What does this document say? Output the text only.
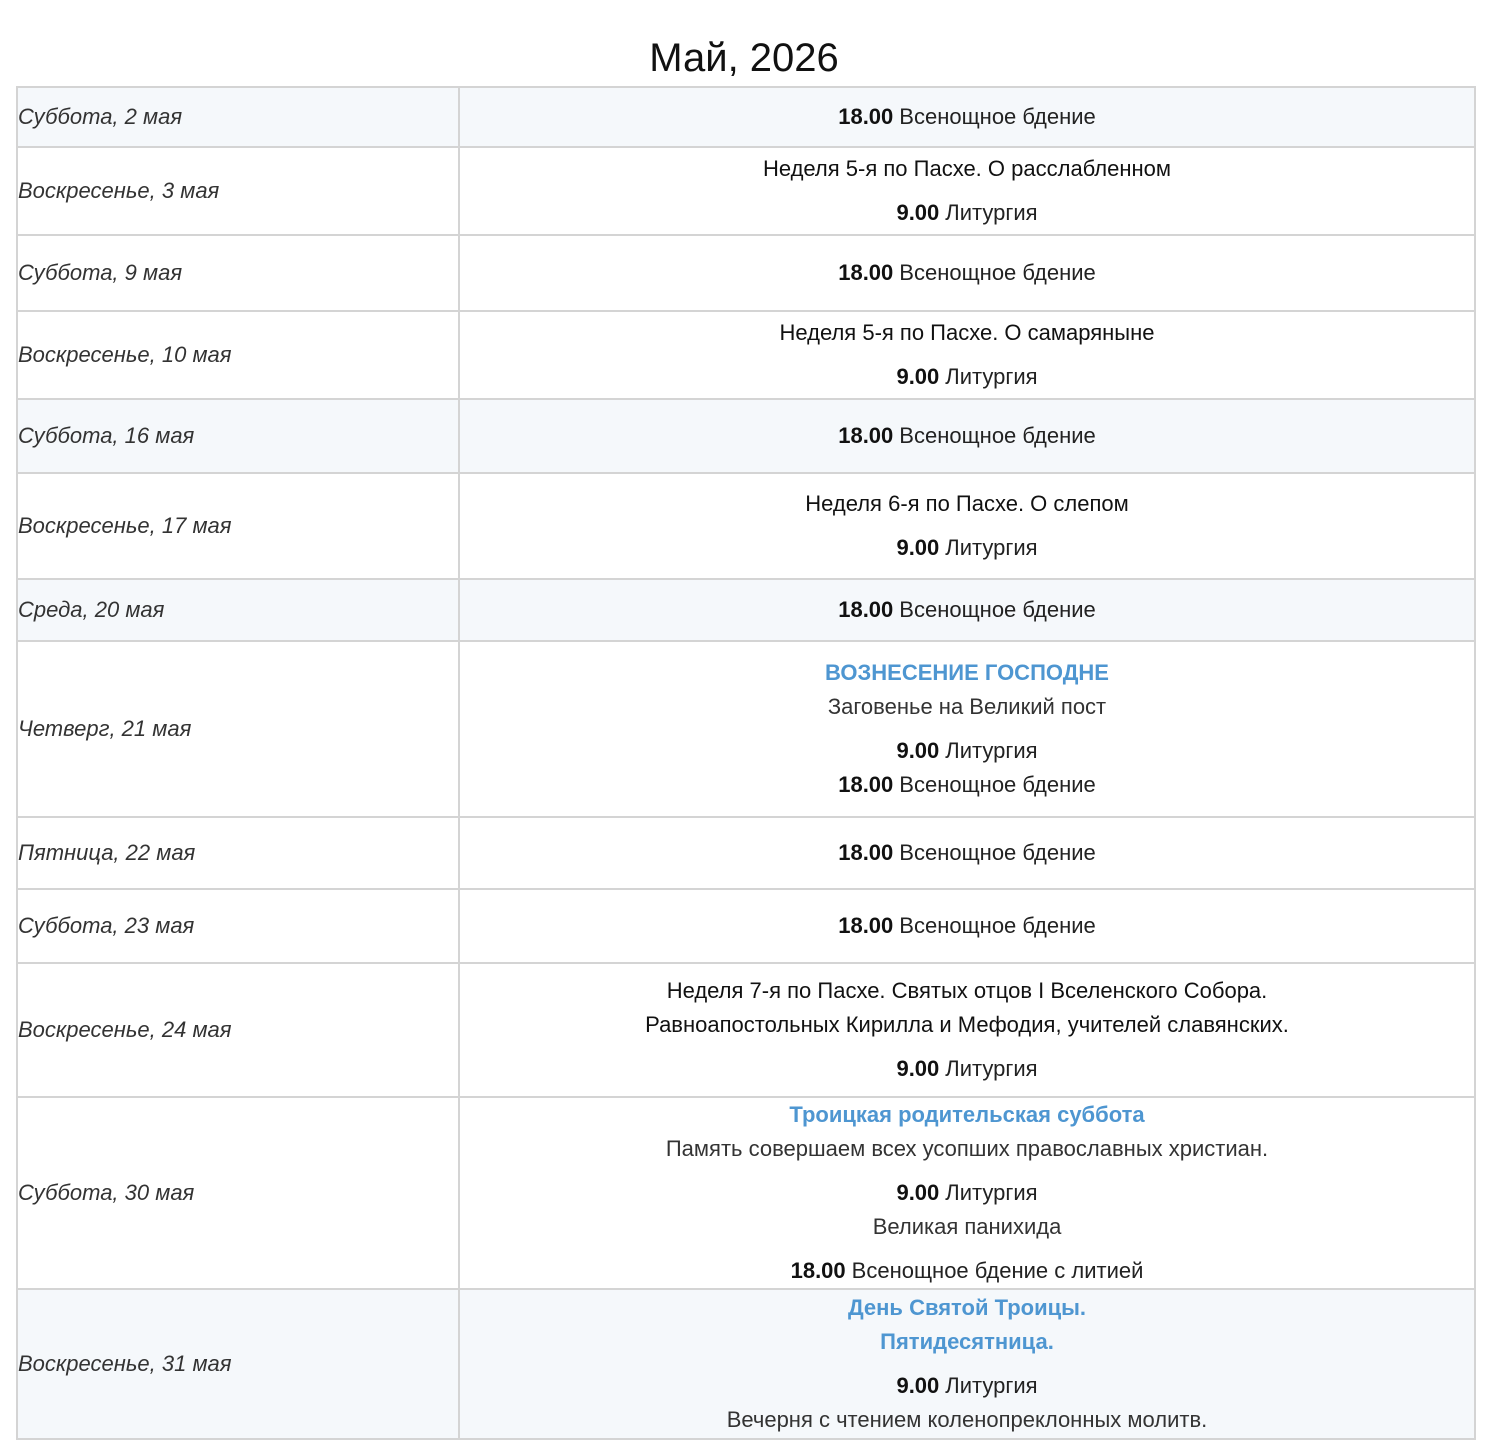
Май, 2026
Суббота, 2 мая	18.00 Всенощное бдение

Воскресенье, 3 мая	Неделя 5-я по Пасхе. О расслабленном
9.00 Литургия

Суббота, 9 мая	18.00 Всенощное бдение

Воскресенье, 10 мая	Неделя 5-я по Пасхе. О самаряныне
9.00 Литургия

Суббота, 16 мая	18.00 Всенощное бдение

Воскресенье, 17 мая	Неделя 6-я по Пасхе. О слепом
9.00 Литургия

Среда, 20 мая	18.00 Всенощное бдение

Четверг, 21 мая	ВОЗНЕСЕНИЕ ГОСПОДНЕ
Заговенье на Великий пост
9.00 Литургия
18.00 Всенощное бдение

Пятница, 22 мая	18.00 Всенощное бдение

Суббота, 23 мая	18.00 Всенощное бдение

Воскресенье, 24 мая	Неделя 7-я по Пасхе. Святых отцов I Вселенского Собора.
Равноапостольных Кирилла и Мефодия, учителей славянских.
9.00 Литургия

Суббота, 30 мая	Троицкая родительская суббота
Память совершаем всех усопших православных христиан.
9.00 Литургия
Великая панихида
18.00 Всенощное бдение с литией

Воскресенье, 31 мая	День Святой Троицы.
Пятидесятница.
9.00 Литургия
Вечерня с чтением коленопреклонных молитв.
